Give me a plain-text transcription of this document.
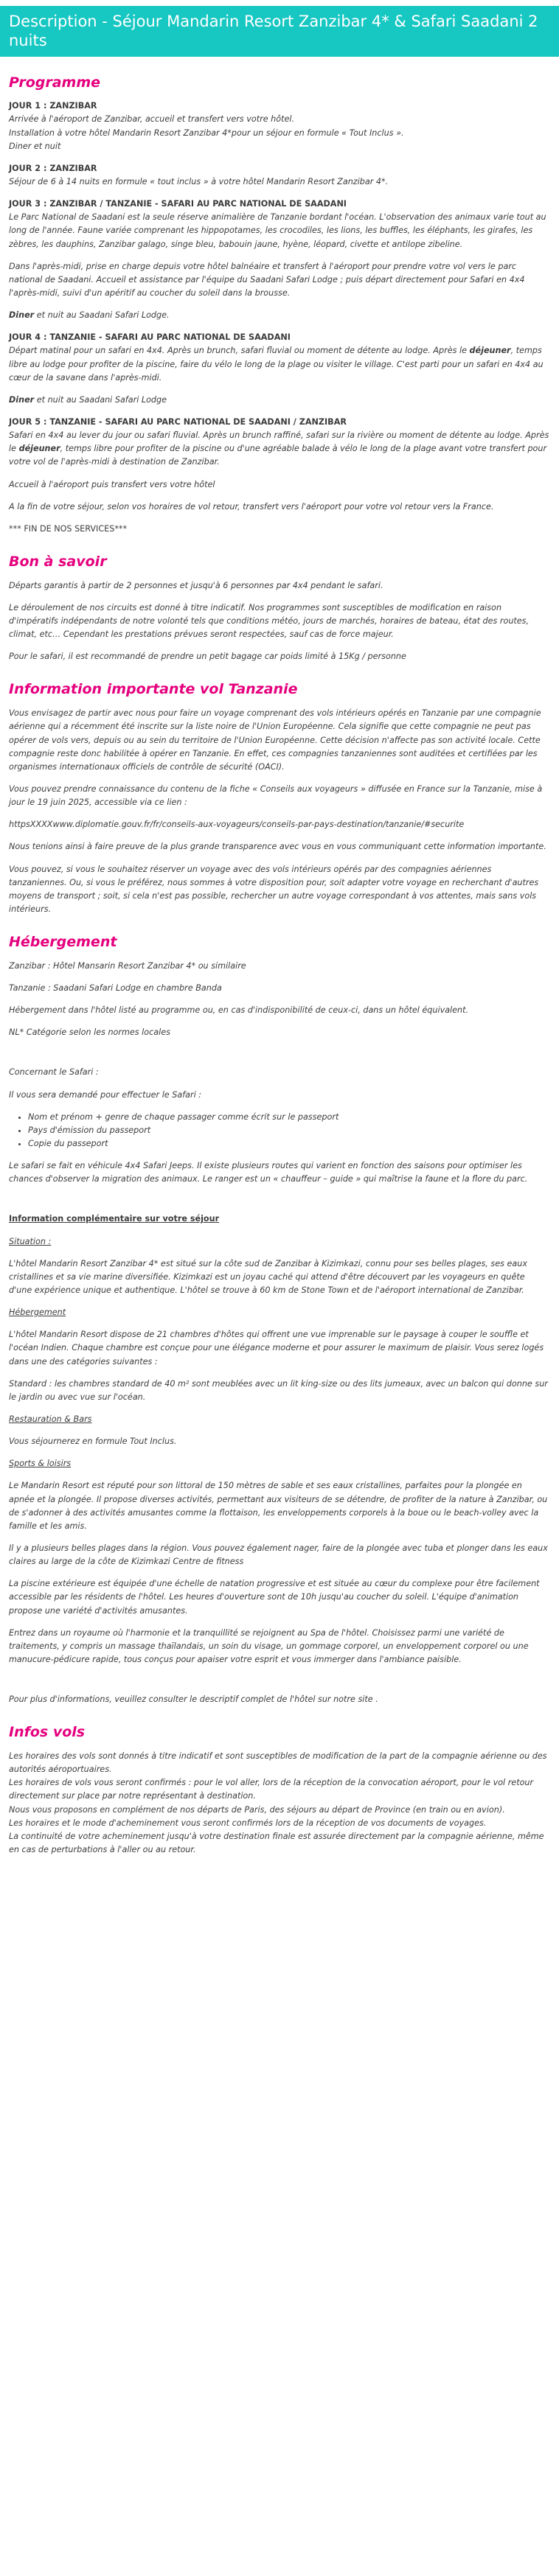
Description - Séjour Mandarin Resort Zanzibar 4* & Safari Saadani 2 nuits
Programme

JOUR 1 : ZANZIBAR

Arrivée à l'aéroport de Zanzibar, accueil et transfert vers votre hôtel.
Installation à votre hôtel Mandarin Resort Zanzibar 4*pour un séjour en formule « Tout Inclus ».
Diner et nuit

JOUR 2 : ZANZIBAR

Séjour de 6 à 14 nuits en formule « tout inclus » à votre hôtel Mandarin Resort Zanzibar 4*.

JOUR 3 : ZANZIBAR / TANZANIE - SAFARI AU PARC NATIONAL DE SAADANI

Le Parc National de Saadani est la seule réserve animalière de Tanzanie bordant l'océan. L'observation des animaux varie tout au long de l'année. Faune variée comprenant les hippopotames, les crocodiles, les lions, les buffles, les éléphants, les girafes, les zèbres, les dauphins, Zanzibar galago, singe bleu, babouin jaune, hyène, léopard, civette et antilope zibeline.

Dans l'après-midi, prise en charge depuis votre hôtel balnéaire et transfert à l'aéroport pour prendre votre vol vers le parc national de Saadani. Accueil et assistance par l'équipe du Saadani Safari Lodge ; puis départ directement pour Safari en 4x4 l'après-midi, suivi d'un apéritif au coucher du soleil dans la brousse.

Diner et nuit au Saadani Safari Lodge.

JOUR 4 : TANZANIE - SAFARI AU PARC NATIONAL DE SAADANI

Départ matinal pour un safari en 4x4. Après un brunch, safari fluvial ou moment de détente au lodge. Après le déjeuner, temps libre au lodge pour profiter de la piscine, faire du vélo le long de la plage ou visiter le village. C'est parti pour un safari en 4x4 au cœur de la savane dans l'après-midi.

Diner et nuit au Saadani Safari Lodge

JOUR 5 : TANZANIE - SAFARI AU PARC NATIONAL DE SAADANI / ZANZIBAR

Safari en 4x4 au lever du jour ou safari fluvial. Après un brunch raffiné, safari sur la rivière ou moment de détente au lodge. Après le déjeuner, temps libre pour profiter de la piscine ou d'une agréable balade à vélo le long de la plage avant votre transfert pour votre vol de l'après-midi à destination de Zanzibar.

Accueil à l'aéroport puis transfert vers votre hôtel

A la fin de votre séjour, selon vos horaires de vol retour, transfert vers l'aéroport pour votre vol retour vers la France.

*** FIN DE NOS SERVICES***

Bon à savoir

Départs garantis à partir de 2 personnes et jusqu'à 6 personnes par 4x4 pendant le safari.

Le déroulement de nos circuits est donné à titre indicatif. Nos programmes sont susceptibles de modification en raison d'impératifs indépendants de notre volonté tels que conditions météo, jours de marchés, horaires de bateau, état des routes, climat, etc… Cependant les prestations prévues seront respectées, sauf cas de force majeur.

Pour le safari, il est recommandé de prendre un petit bagage car poids limité à 15Kg / personne

Information importante vol Tanzanie

Vous envisagez de partir avec nous pour faire un voyage comprenant des vols intérieurs opérés en Tanzanie par une compagnie aérienne qui a récemment été inscrite sur la liste noire de l'Union Européenne. Cela signifie que cette compagnie ne peut pas opérer de vols vers, depuis ou au sein du territoire de l'Union Européenne. Cette décision n'affecte pas son activité locale. Cette compagnie reste donc habilitée à opérer en Tanzanie. En effet, ces compagnies tanzaniennes sont auditées et certifiées par les organismes internationaux officiels de contrôle de sécurité (OACI).

Vous pouvez prendre connaissance du contenu de la fiche « Conseils aux voyageurs » diffusée en France sur la Tanzanie, mise à jour le 19 juin 2025, accessible via ce lien :

httpsXXXXwww.diplomatie.gouv.fr/fr/conseils-aux-voyageurs/conseils-par-pays-destination/tanzanie/#securite

Nous tenions ainsi à faire preuve de la plus grande transparence avec vous en vous communiquant cette information importante.

Vous pouvez, si vous le souhaitez réserver un voyage avec des vols intérieurs opérés par des compagnies aériennes tanzaniennes. Ou, si vous le préférez, nous sommes à votre disposition pour, soit adapter votre voyage en recherchant d'autres moyens de transport ; soit, si cela n'est pas possible, rechercher un autre voyage correspondant à vos attentes, mais sans vols intérieurs.

Hébergement

Zanzibar : Hôtel Mansarin Resort Zanzibar 4* ou similaire

Tanzanie : Saadani Safari Lodge en chambre Banda

Hébergement dans l'hôtel listé au programme ou, en cas d'indisponibilité de ceux-ci, dans un hôtel équivalent.

NL* Catégorie selon les normes locales

Concernant le Safari :

Il vous sera demandé pour effectuer le Safari :

• Nom et prénom + genre de chaque passager comme écrit sur le passeport
• Pays d'émission du passeport
• Copie du passeport

Le safari se fait en véhicule 4x4 Safari Jeeps. Il existe plusieurs routes qui varient en fonction des saisons pour optimiser les chances d'observer la migration des animaux. Le ranger est un « chauffeur – guide » qui maîtrise la faune et la flore du parc.

Information complémentaire sur votre séjour

Situation :

L'hôtel Mandarin Resort Zanzibar 4* est situé sur la côte sud de Zanzibar à Kizimkazi, connu pour ses belles plages, ses eaux cristallines et sa vie marine diversifiée. Kizimkazi est un joyau caché qui attend d'être découvert par les voyageurs en quête d'une expérience unique et authentique. L'hôtel se trouve à 60 km de Stone Town et de l'aéroport international de Zanzibar.

Hébergement

L'hôtel Mandarin Resort dispose de 21 chambres d'hôtes qui offrent une vue imprenable sur le paysage à couper le souffle et l'océan Indien. Chaque chambre est conçue pour une élégance moderne et pour assurer le maximum de plaisir. Vous serez logés dans une des catégories suivantes :

Standard : les chambres standard de 40 m² sont meublées avec un lit king-size ou des lits jumeaux, avec un balcon qui donne sur le jardin ou avec vue sur l'océan.

Restauration & Bars

Vous séjournerez en formule Tout Inclus.

Sports & loisirs

Le Mandarin Resort est réputé pour son littoral de 150 mètres de sable et ses eaux cristallines, parfaites pour la plongée en apnée et la plongée. Il propose diverses activités, permettant aux visiteurs de se détendre, de profiter de la nature à Zanzibar, ou de s'adonner à des activités amusantes comme la flottaison, les enveloppements corporels à la boue ou le beach-volley avec la famille et les amis.

Il y a plusieurs belles plages dans la région. Vous pouvez également nager, faire de la plongée avec tuba et plonger dans les eaux claires au large de la côte de Kizimkazi Centre de fitness

La piscine extérieure est équipée d'une échelle de natation progressive et est située au cœur du complexe pour être facilement accessible par les résidents de l'hôtel. Les heures d'ouverture sont de 10h jusqu'au coucher du soleil. L'équipe d'animation propose une variété d'activités amusantes.

Entrez dans un royaume où l'harmonie et la tranquillité se rejoignent au Spa de l'hôtel. Choisissez parmi une variété de traitements, y compris un massage thaïlandais, un soin du visage, un gommage corporel, un enveloppement corporel ou une manucure-pédicure rapide, tous conçus pour apaiser votre esprit et vous immerger dans l'ambiance paisible.

Pour plus d'informations, veuillez consulter le descriptif complet de l'hôtel sur notre site .

Infos vols

Les horaires des vols sont donnés à titre indicatif et sont susceptibles de modification de la part de la compagnie aérienne ou des autorités aéroportuaires.
Les horaires de vols vous seront confirmés : pour le vol aller, lors de la réception de la convocation aéroport, pour le vol retour directement sur place par notre représentant à destination.
Nous vous proposons en complément de nos départs de Paris, des séjours au départ de Province (en train ou en avion).
Les horaires et le mode d'acheminement vous seront confirmés lors de la réception de vos documents de voyages.
La continuité de votre acheminement jusqu'à votre destination finale est assurée directement par la compagnie aérienne, même en cas de perturbations à l'aller ou au retour.
